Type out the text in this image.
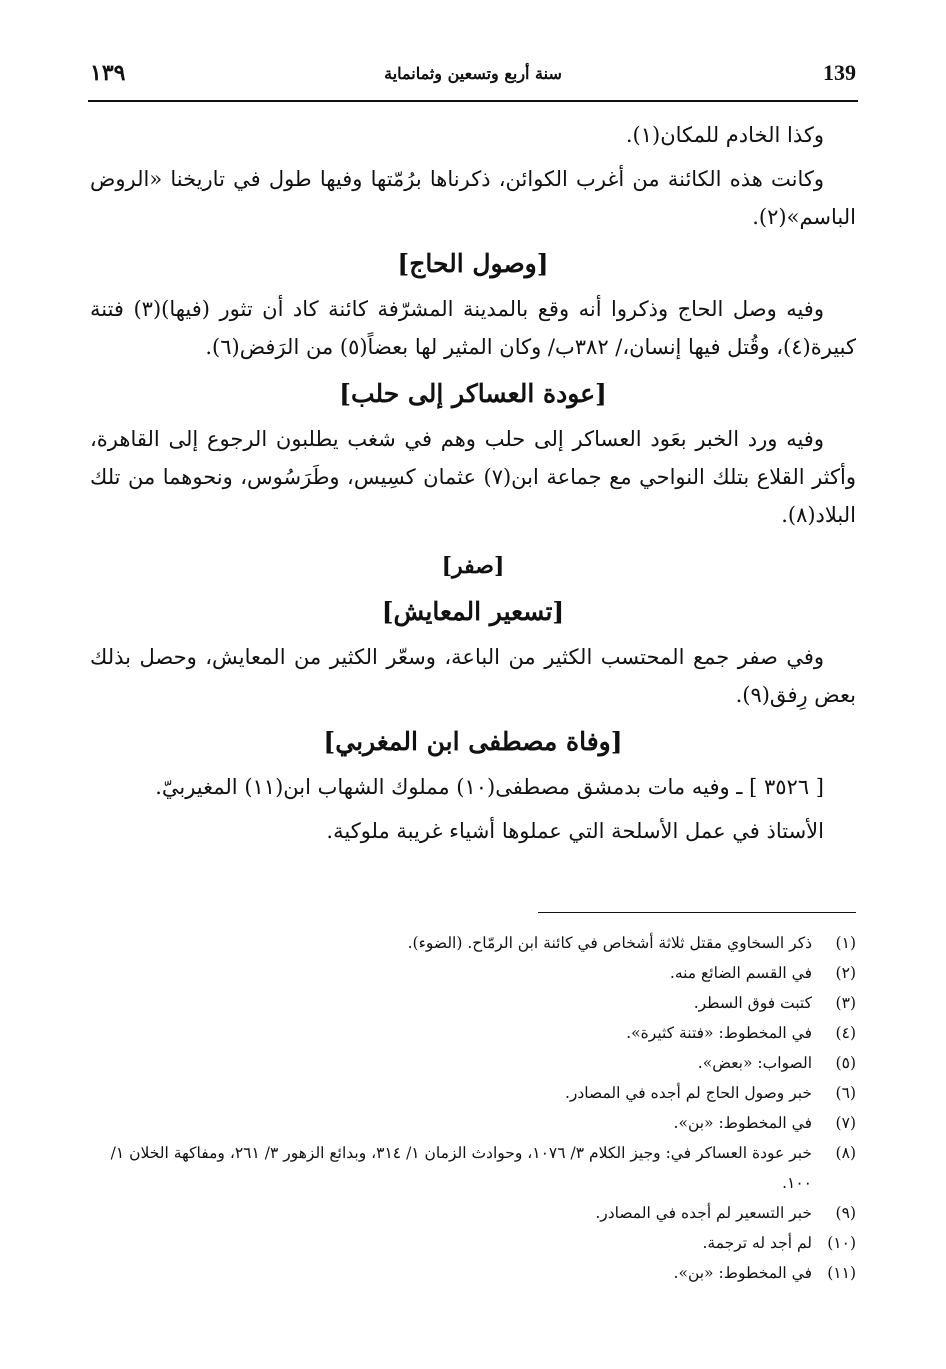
١٣٩	سنة أربع وتسعين وثمانماية	139

وكذا الخادم للمكان(١).

وكانت هذه الكائنة من أغرب الكوائن، ذكرناها برُمّتها وفيها طول في تاريخنا «الروض الباسم»(٢).

[وصول الحاج]

وفيه وصل الحاج وذكروا أنه وقع بالمدينة المشرّفة كائنة كاد أن تثور (فيها)(٣) فتنة كبيرة(٤)، وقُتل فيها إنسان،/ ٣٨٢ب/ وكان المثير لها بعضاً(٥) من الرَفض(٦).

[عودة العساكر إلى حلب]

وفيه ورد الخبر بعَود العساكر إلى حلب وهم في شغب يطلبون الرجوع إلى القاهرة، وأكثر القلاع بتلك النواحي مع جماعة ابن(٧) عثمان كسِيس، وطَرَسُوس، ونحوهما من تلك البلاد(٨).

[صفر]
[تسعير المعايش]

وفي صفر جمع المحتسب الكثير من الباعة، وسعّر الكثير من المعايش، وحصل بذلك بعض رِفق(٩).

[وفاة مصطفى ابن المغربي]

[ ٣٥٢٦ ] ـ وفيه مات بدمشق مصطفى(١٠) مملوك الشهاب ابن(١١) المغيربيّ.

الأستاذ في عمل الأسلحة التي عملوها أشياء غريبة ملوكية.

(١)
ذكر السخاوي مقتل ثلاثة أشخاص في كائنة ابن الرمّاح. (الضوء).
(٢)
في القسم الضائع منه.
(٣)
كتبت فوق السطر.
(٤)
في المخطوط: «فتنة كثيرة».
(٥)
الصواب: «بعض».
(٦)
خبر وصول الحاج لم أجده في المصادر.
(٧)
في المخطوط: «بن».
(٨)
خبر عودة العساكر في: وجيز الكلام ٣/ ١٠٧٦، وحوادث الزمان ١/ ٣١٤، وبدائع الزهور ٣/ ٢٦١، ومفاكهة الخلان ١/ ١٠٠.
(٩)
خبر التسعير لم أجده في المصادر.
(١٠)
لم أجد له ترجمة.
(١١)
في المخطوط: «بن».
